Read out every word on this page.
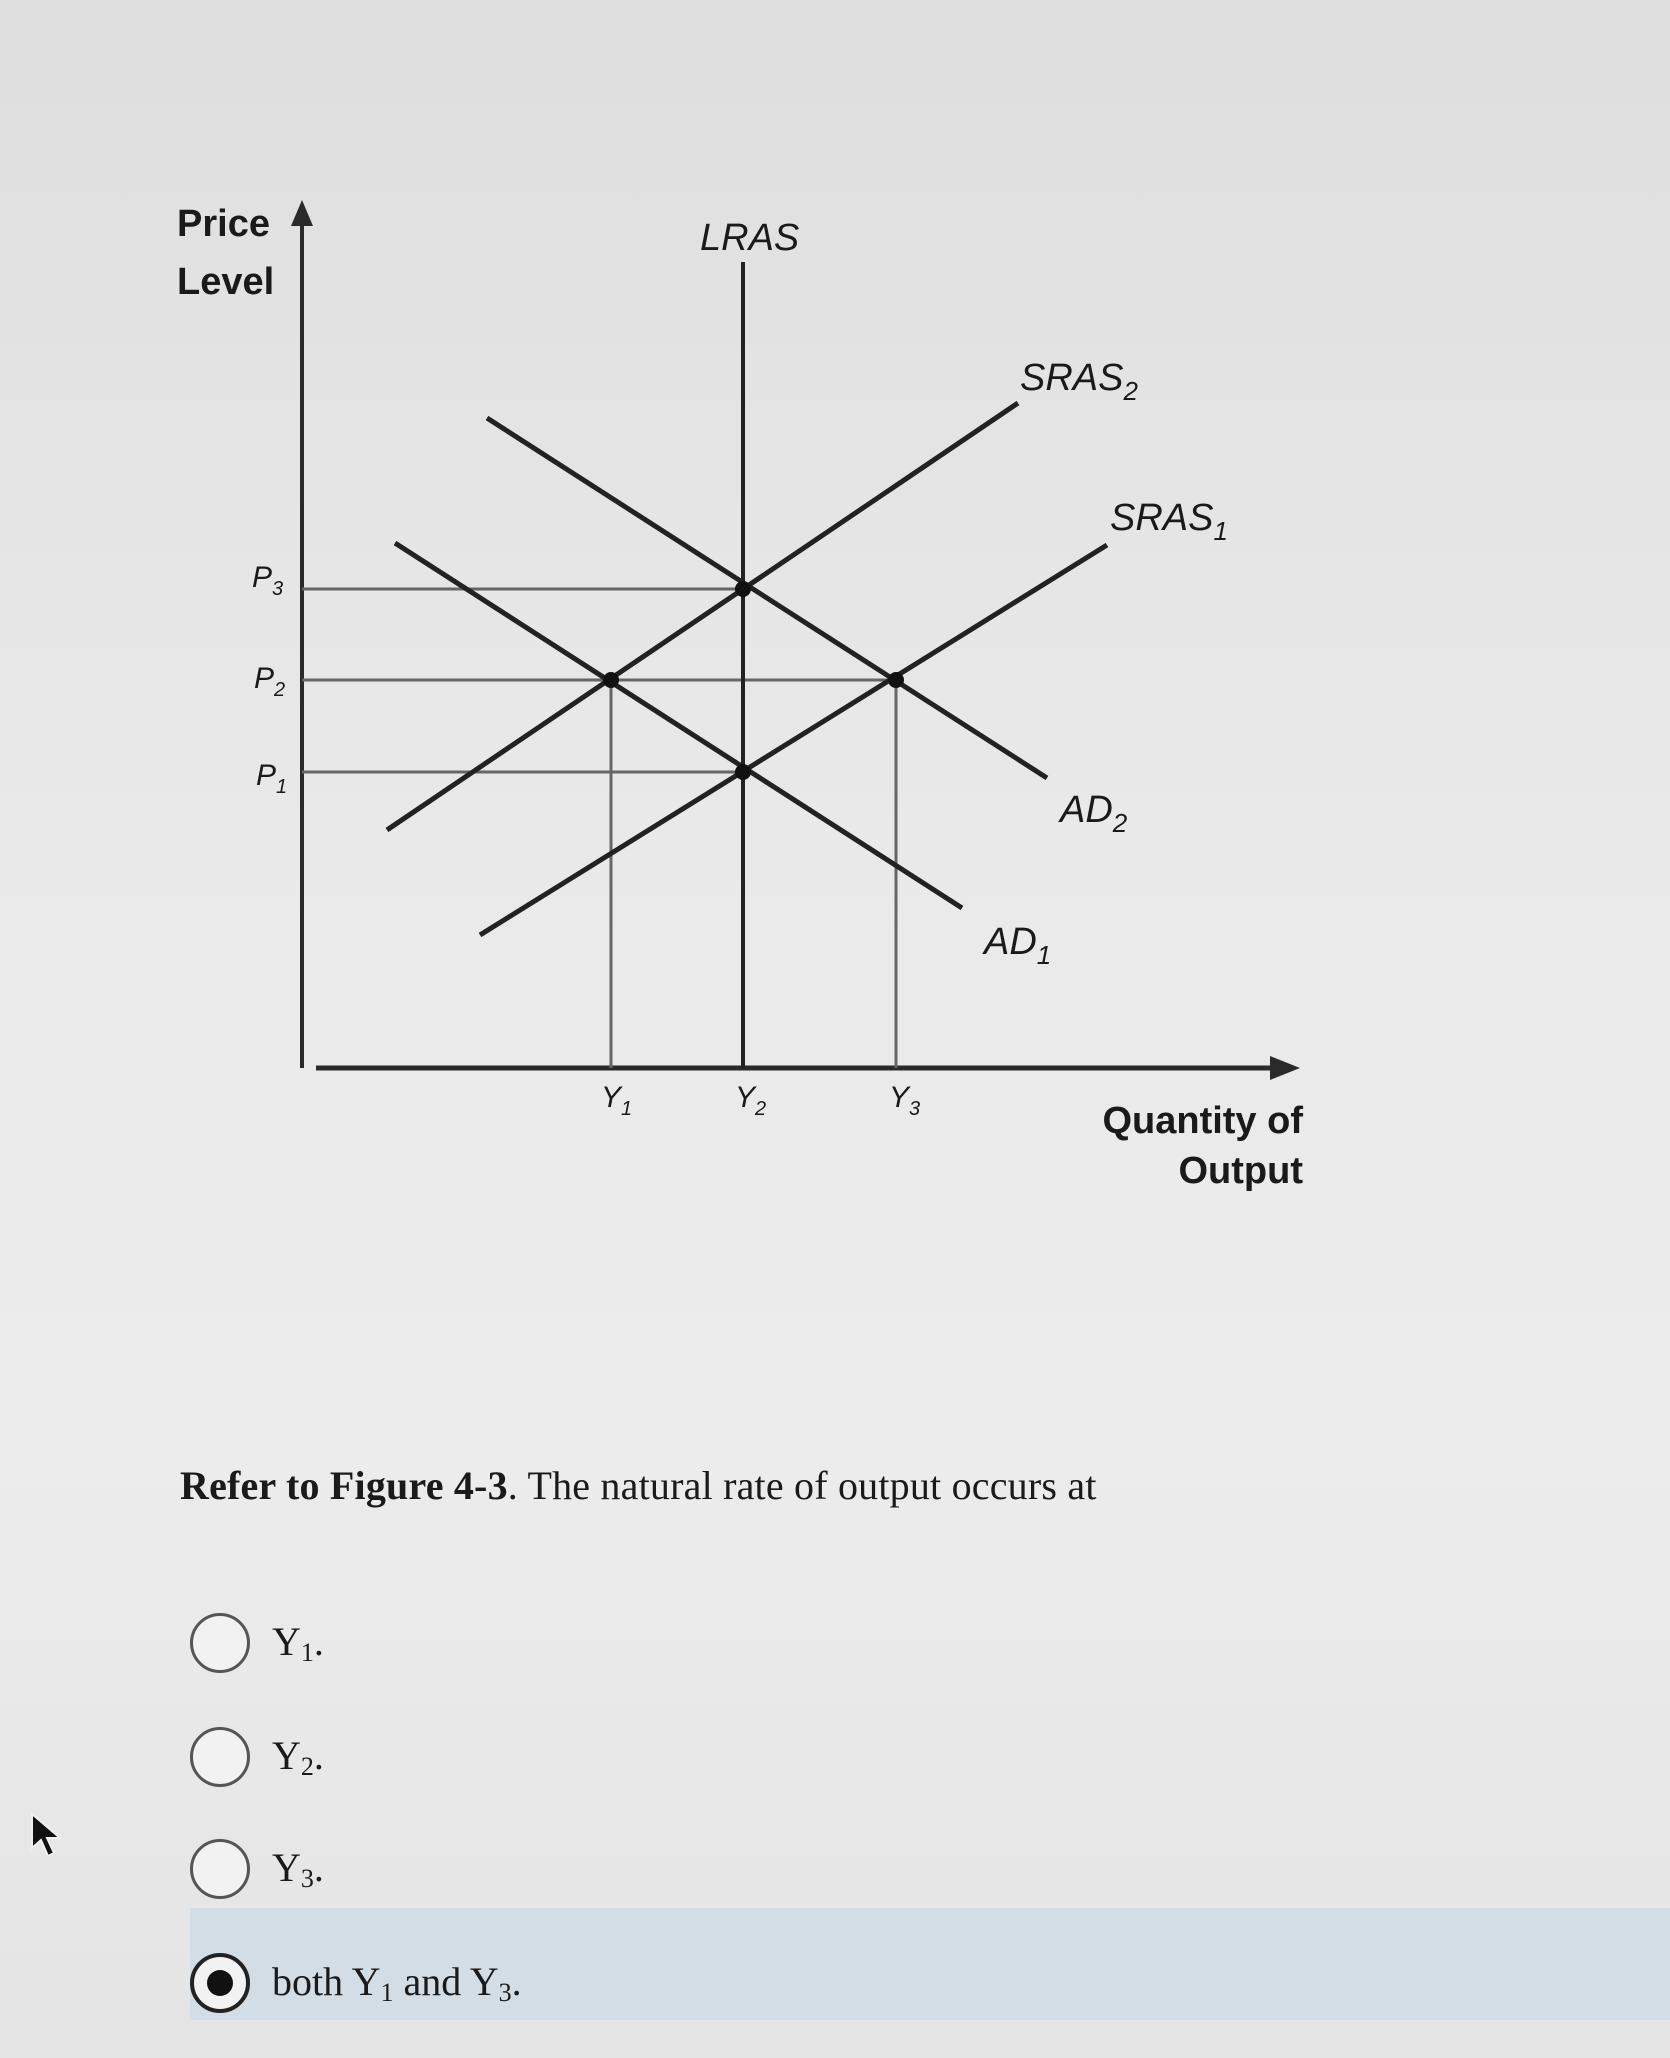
Price
Level
Quantity of
Output
$P_3$
$P_2$
$P_1$
$Y_1$	$Y_2$	$Y_3$
LRAS
$SRAS_2$
$SRAS_1$
$AD_2$
$AD_1$
Refer to Figure 4-3. The natural rate of output occurs at
$Y_1$.
$Y_2$.
$Y_3$.
both $Y_1$ and $Y_3$.
